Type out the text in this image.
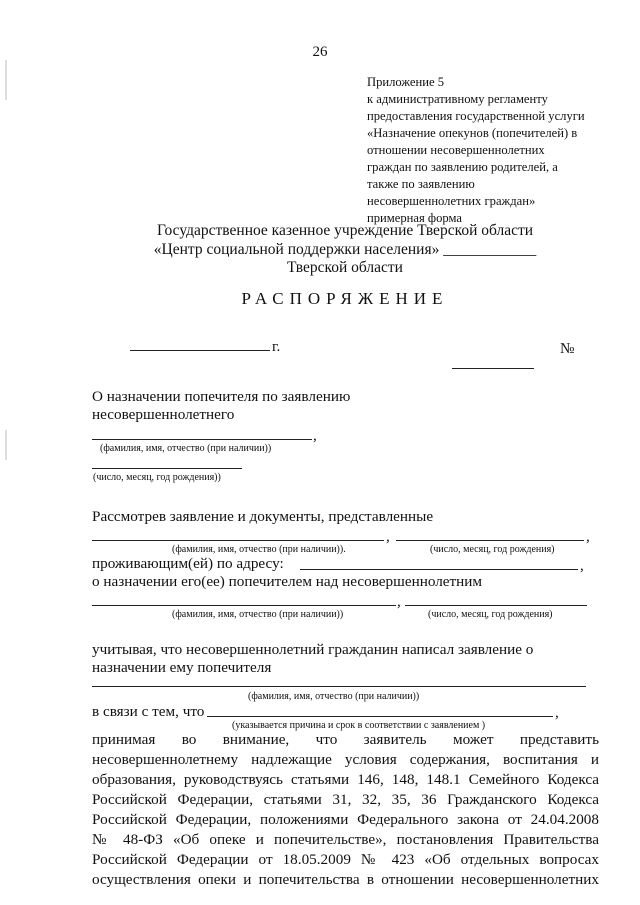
26
Приложение 5
к административному регламенту
предоставления государственной услуги
«Назначение опекунов (попечителей) в
отношении несовершеннолетних
граждан по заявлению родителей, а
также по заявлению
несовершеннолетних граждан»
примерная форма
Государственное казенное учреждение Тверской области
«Центр социальной поддержки населения» ____________
Тверской области
РАСПОРЯЖЕНИЕ
г.	№
О назначении попечителя по заявлению
несовершеннолетнего
,
(фамилия, имя, отчество (при наличии))
(число, месяц, год рождения))
Рассмотрев заявление и документы, представленные
,	,
(фамилия, имя, отчество (при наличии)).	(число, месяц, год рождения)
проживающим(ей) по адресу:	,
о назначении его(ее) попечителем над несовершеннолетним
,
(фамилия, имя, отчество (при наличии))	(число, месяц, год рождения)
учитывая, что несовершеннолетний гражданин написал заявление о
назначении ему попечителя
(фамилия, имя, отчество (при наличии))
в связи с тем, что	,
(указывается причина и срок в соответствии с заявлением )
принимая во внимание, что заявитель может представить
несовершеннолетнему надлежащие условия содержания, воспитания и
образования, руководствуясь статьями 146, 148, 148.1 Семейного Кодекса
Российской Федерации, статьями 31, 32, 35, 36 Гражданского Кодекса
Российской Федерации, положениями Федерального закона от 24.04.2008
№ 48-ФЗ «Об опеке и попечительстве», постановления Правительства
Российской Федерации от 18.05.2009 № 423 «Об отдельных вопросах
осуществления опеки и попечительства в отношении несовершеннолетних
